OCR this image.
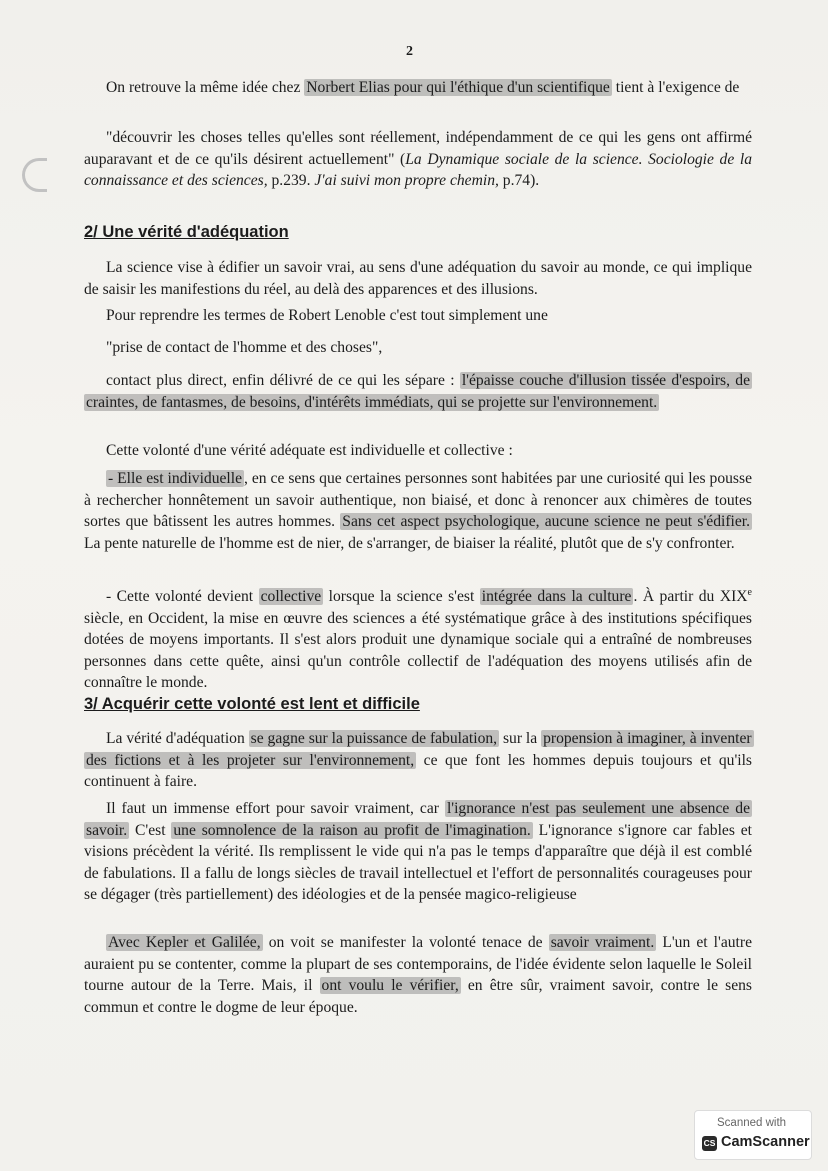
2
On retrouve la même idée chez Norbert Elias pour qui l'éthique d'un scientifique tient à l'exigence de
"découvrir les choses telles qu'elles sont réellement, indépendamment de ce qui les gens ont affirmé auparavant et de ce qu'ils désirent actuellement" (La Dynamique sociale de la science. Sociologie de la connaissance et des sciences, p.239. J'ai suivi mon propre chemin, p.74).
2/ Une vérité d'adéquation
La science vise à édifier un savoir vrai, au sens d'une adéquation du savoir au monde, ce qui implique de saisir les manifestions du réel, au delà des apparences et des illusions.
Pour reprendre les termes de Robert Lenoble c'est tout simplement une
"prise de contact de l'homme et des choses",
contact plus direct, enfin délivré de ce qui les sépare : l'épaisse couche d'illusion tissée d'espoirs, de craintes, de fantasmes, de besoins, d'intérêts immédiats, qui se projette sur l'environnement.
Cette volonté d'une vérité adéquate est individuelle et collective :
- Elle est individuelle , en ce sens que certaines personnes sont habitées par une curiosité qui les pousse à rechercher honnêtement un savoir authentique, non biaisé, et donc à renoncer aux chimères de toutes sortes que bâtissent les autres hommes. Sans cet aspect psychologique, aucune science ne peut s'édifier. La pente naturelle de l'homme est de nier, de s'arranger, de biaiser la réalité, plutôt que de s'y confronter.
- Cette volonté devient collective lorsque la science s'est intégrée dans la culture . À partir du XIXe siècle, en Occident, la mise en œuvre des sciences a été systématique grâce à des institutions spécifiques dotées de moyens importants. Il s'est alors produit une dynamique sociale qui a entraîné de nombreuses personnes dans cette quête, ainsi qu'un contrôle collectif de l'adéquation des moyens utilisés afin de connaître le monde.
3/ Acquérir cette volonté est lent et difficile
La vérité d'adéquation se gagne sur la puissance de fabulation, sur la propension à imaginer, à inventer des fictions et à les projeter sur l'environnement, ce que font les hommes depuis toujours et qu'ils continuent à faire.
Il faut un immense effort pour savoir vraiment, car l'ignorance n'est pas seulement une absence de savoir. C'est une somnolence de la raison au profit de l'imagination. L'ignorance s'ignore car fables et visions précèdent la vérité. Ils remplissent le vide qui n'a pas le temps d'apparaître que déjà il est comblé de fabulations. Il a fallu de longs siècles de travail intellectuel et l'effort de personnalités courageuses pour se dégager (très partiellement) des idéologies et de la pensée magico-religieuse
Avec Kepler et Galilée, on voit se manifester la volonté tenace de savoir vraiment. L'un et l'autre auraient pu se contenter, comme la plupart de ses contemporains, de l'idée évidente selon laquelle le Soleil tourne autour de la Terre. Mais, il ont voulu le vérifier, en être sûr, vraiment savoir, contre le sens commun et contre le dogme de leur époque.
Scanned with
CS CamScanner
